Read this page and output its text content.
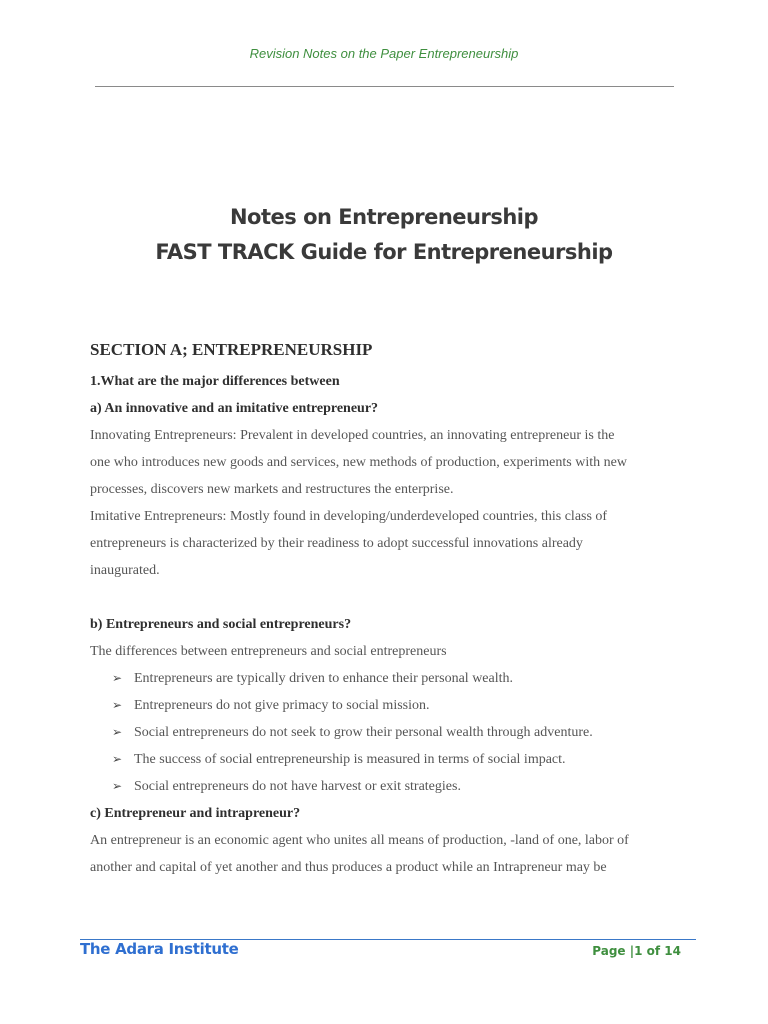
Revision Notes on the Paper Entrepreneurship
Notes on Entrepreneurship
FAST TRACK Guide for Entrepreneurship

SECTION A; ENTREPRENEURSHIP

1.What are the major differences between

a) An innovative and an imitative entrepreneur?

Innovating Entrepreneurs: Prevalent in developed countries, an innovating entrepreneur is the

one who introduces new goods and services, new methods of production, experiments with new

processes, discovers new markets and restructures the enterprise.

Imitative Entrepreneurs: Mostly found in developing/underdeveloped countries, this class of

entrepreneurs is characterized by their readiness to adopt successful innovations already

inaugurated.

b) Entrepreneurs and social entrepreneurs?

The differences between entrepreneurs and social entrepreneurs

➢ Entrepreneurs are typically driven to enhance their personal wealth.
➢ Entrepreneurs do not give primacy to social mission.
➢ Social entrepreneurs do not seek to grow their personal wealth through adventure.
➢ The success of social entrepreneurship is measured in terms of social impact.
➢ Social entrepreneurs do not have harvest or exit strategies.

c) Entrepreneur and intrapreneur?

An entrepreneur is an economic agent who unites all means of production, -land of one, labor of

another and capital of yet another and thus produces a product while an Intrapreneur may be

The Adara Institute	Page |1 of 14
